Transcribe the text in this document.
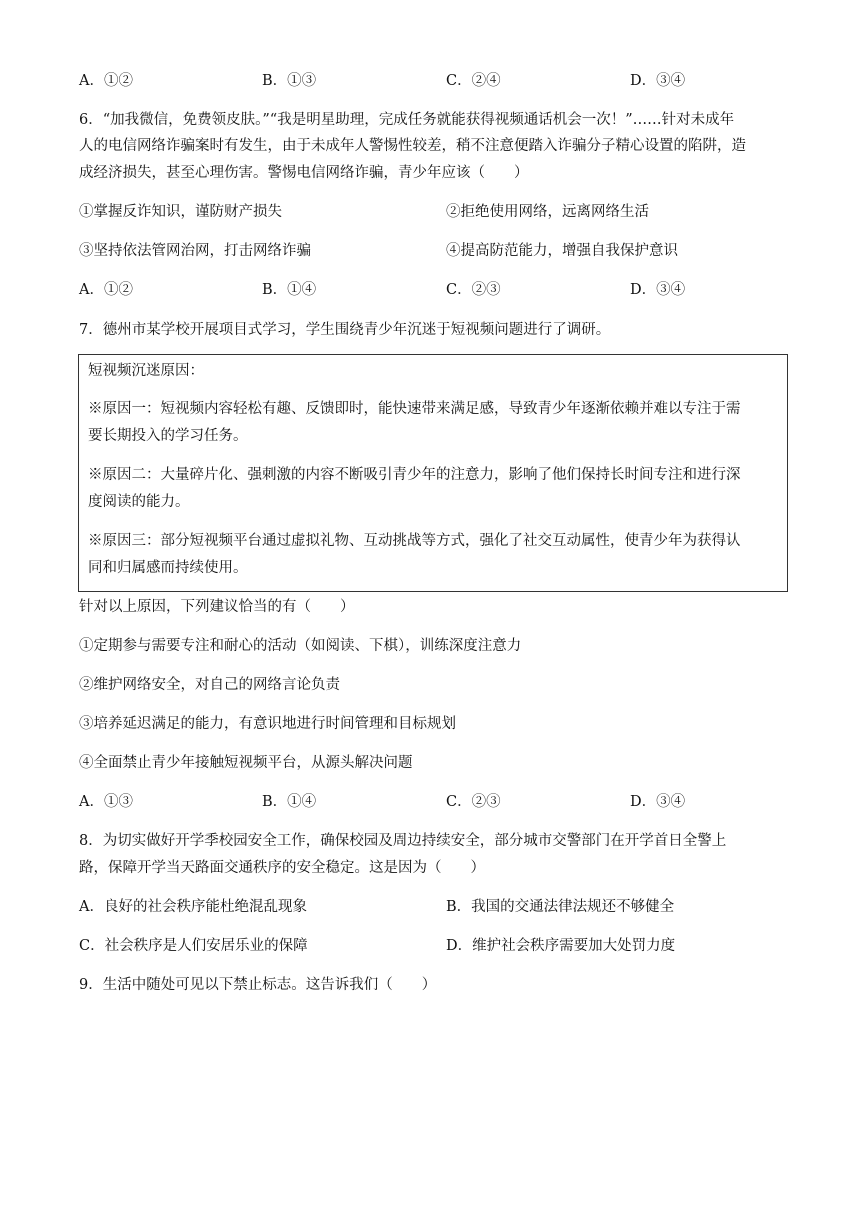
A．①②	B．①③	C．②④	D．③④
6．“加我微信，免费领皮肤。”“我是明星助理，完成任务就能获得视频通话机会一次！”……针对未成年
人的电信网络诈骗案时有发生，由于未成年人警惕性较差，稍不注意便踏入诈骗分子精心设置的陷阱，造
成经济损失，甚至心理伤害。警惕电信网络诈骗，青少年应该（　　）
①掌握反诈知识，谨防财产损失	②拒绝使用网络，远离网络生活
③坚持依法管网治网，打击网络诈骗	④提高防范能力，增强自我保护意识
A．①②	B．①④	C．②③	D．③④
7．德州市某学校开展项目式学习，学生围绕青少年沉迷于短视频问题进行了调研。
短视频沉迷原因：
※原因一：短视频内容轻松有趣、反馈即时，能快速带来满足感，导致青少年逐渐依赖并难以专注于需
要长期投入的学习任务。
※原因二：大量碎片化、强刺激的内容不断吸引青少年的注意力，影响了他们保持长时间专注和进行深
度阅读的能力。
※原因三：部分短视频平台通过虚拟礼物、互动挑战等方式，强化了社交互动属性，使青少年为获得认
同和归属感而持续使用。
针对以上原因，下列建议恰当的有（　　）
①定期参与需要专注和耐心的活动（如阅读、下棋），训练深度注意力
②维护网络安全，对自己的网络言论负责
③培养延迟满足的能力，有意识地进行时间管理和目标规划
④全面禁止青少年接触短视频平台，从源头解决问题
A．①③	B．①④	C．②③	D．③④
8．为切实做好开学季校园安全工作，确保校园及周边持续安全，部分城市交警部门在开学首日全警上
路，保障开学当天路面交通秩序的安全稳定。这是因为（　　）
A．良好的社会秩序能杜绝混乱现象	B．我国的交通法律法规还不够健全
C．社会秩序是人们安居乐业的保障	D．维护社会秩序需要加大处罚力度
9．生活中随处可见以下禁止标志。这告诉我们（　　）
